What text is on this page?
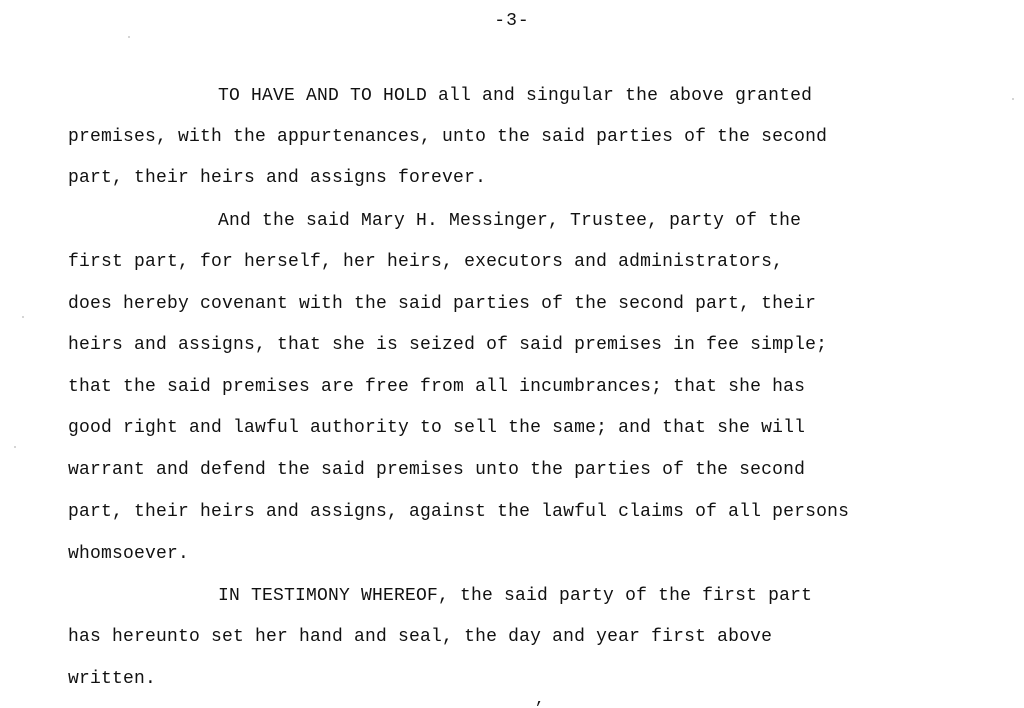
-3-
TO HAVE AND TO HOLD all and singular the above granted
premises, with the appurtenances, unto the said parties of the second
part, their heirs and assigns forever.
And the said Mary H. Messinger, Trustee, party of the
first part, for herself, her heirs, executors and administrators,
does hereby covenant with the said parties of the second part, their
heirs and assigns, that she is seized of said premises in fee simple;
that the said premises are free from all incumbrances; that she has
good right and lawful authority to sell the same; and that she will
warrant and defend the said premises unto the parties of the second
part, their heirs and assigns, against the lawful claims of all persons
whomsoever.
IN TESTIMONY WHEREOF, the said party of the first part
has hereunto set her hand and seal, the day and year first above
written.
,
